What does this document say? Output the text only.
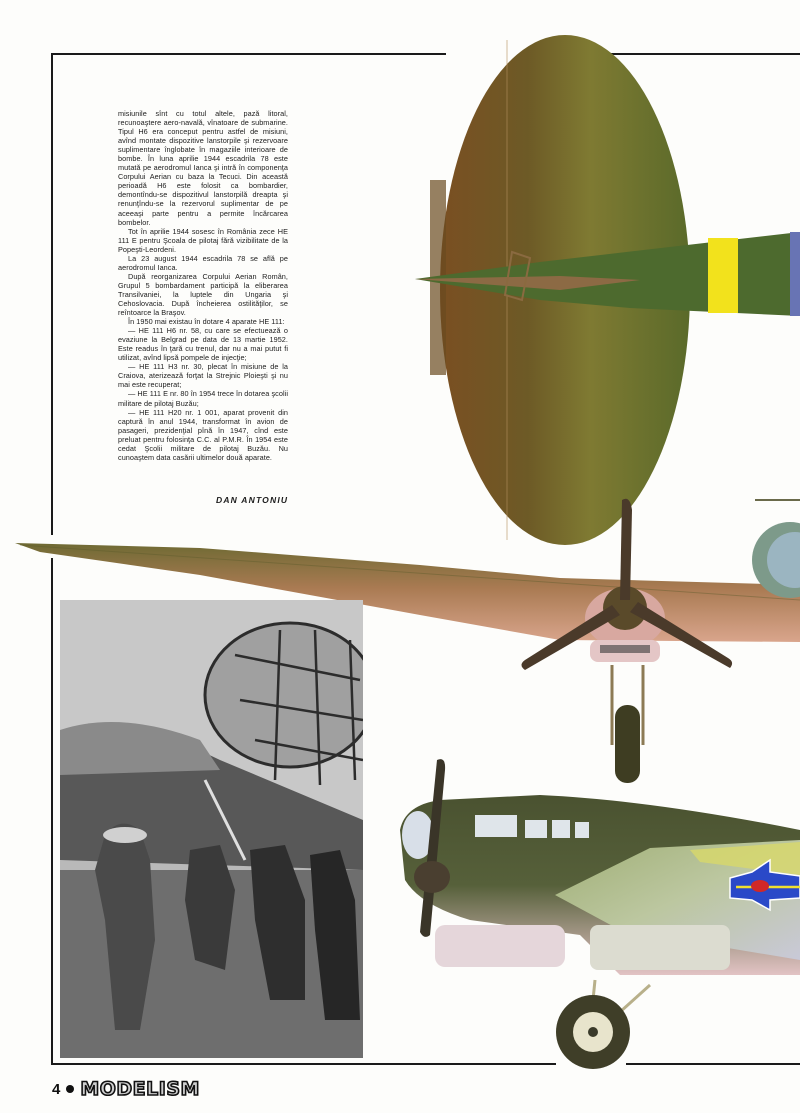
misiunile sînt cu totul altele, pază litoral, recunoaştere aero-navală, vînatoare de submarine. Tipul H6 era conceput pentru astfel de misiuni, avînd montate dispozitive lanstorpile şi rezervoare suplimentare înglobate în magaziile interioare de bombe. În luna aprilie 1944 escadrila 78 este mutată pe aerodromul Ianca şi intră în componenţa Corpului Aerian cu baza la Tecuci. Din această perioadă H6 este folosit ca bombardier, demontîndu-se dispozitivul lanstorpilă dreapta şi renunţîndu-se la rezervorul suplimentar de pe aceeaşi parte pentru a permite încărcarea bombelor.

Tot în aprilie 1944 sosesc în România zece HE 111 E pentru Şcoala de pilotaj fără vizibilitate de la Popeşti-Leordeni.

La 23 august 1944 escadrila 78 se află pe aerodromul Ianca.

După reorganizarea Corpului Aerian Român, Grupul 5 bombardament participă la eliberarea Transilvaniei, la luptele din Ungaria şi Cehoslovacia. După încheierea ostilităţilor, se reîntoarce la Braşov.

În 1950 mai existau în dotare 4 aparate HE 111:

— HE 111 H6 nr. 58, cu care se efectuează o evaziune la Belgrad pe data de 13 martie 1952. Este readus în ţară cu trenul, dar nu a mai putut fi utilizat, avînd lipsă pompele de injecţie;

— HE 111 H3 nr. 30, plecat în misiune de la Craiova, aterizează forţat la Strejnic Ploieşti şi nu mai este recuperat;

— HE 111 E nr. 80 în 1954 trece în dotarea şcolii militare de pilotaj Buzău;

— HE 111 H20 nr. 1 001, aparat provenit din captură în anul 1944, transformat în avion de pasageri, prezidenţial pînă în 1947, cînd este preluat pentru folosinţa C.C. al P.M.R. În 1954 este cedat Şcolii militare de pilotaj Buzău. Nu cunoaştem data casării ultimelor două aparate.

DAN ANTONIU
4 MODELISM
